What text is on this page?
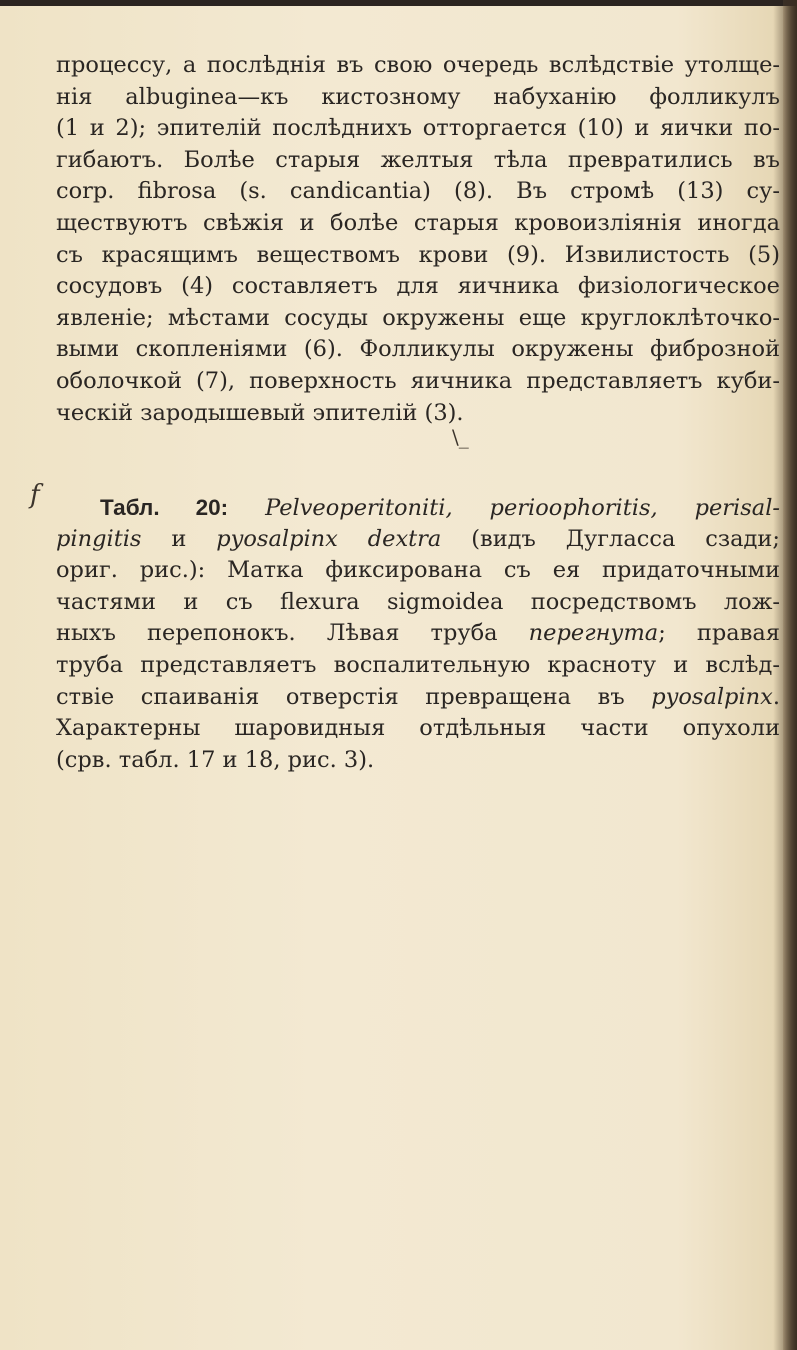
процессу, а послѣднія въ свою очередь вслѣдствіе утолще-
нія albuginea—къ кистозному набуханію фолликулъ
(1 и 2); эпителій послѣднихъ отторгается (10) и яички по-
гибаютъ. Болѣе старыя желтыя тѣла превратились въ
corp. fibrosa (s. candicantia) (8). Въ стромѣ (13) су-
ществуютъ свѣжія и болѣе старыя кровоизліянія иногда
съ красящимъ веществомъ крови (9). Извилистость (5)
сосудовъ (4) составляетъ для яичника физіологическое
явленіе; мѣстами сосуды окружены еще круглоклѣточко-
выми скопленіями (6). Фолликулы окружены фиброзной
оболочкой (7), поверхность яичника представляетъ куби-
ческій зародышевый эпителій (3).
\_
f	Табл. 20: Pelveoperitoniti, perioophoritis, perisal-
pingitis и pyosalpinx dextra (видъ Дугласса сзади;
ориг. рис.): Матка фиксирована съ ея придаточными
частями и съ flexura sigmoidea посредствомъ лож-
ныхъ перепонокъ. Лѣвая труба перегнута; правая
труба представляетъ воспалительную красноту и вслѣд-
ствіе спаиванія отверстія превращена въ pyosalpinx.
Характерны шаровидныя отдѣльныя части опухоли
(срв. табл. 17 и 18, рис. 3).
